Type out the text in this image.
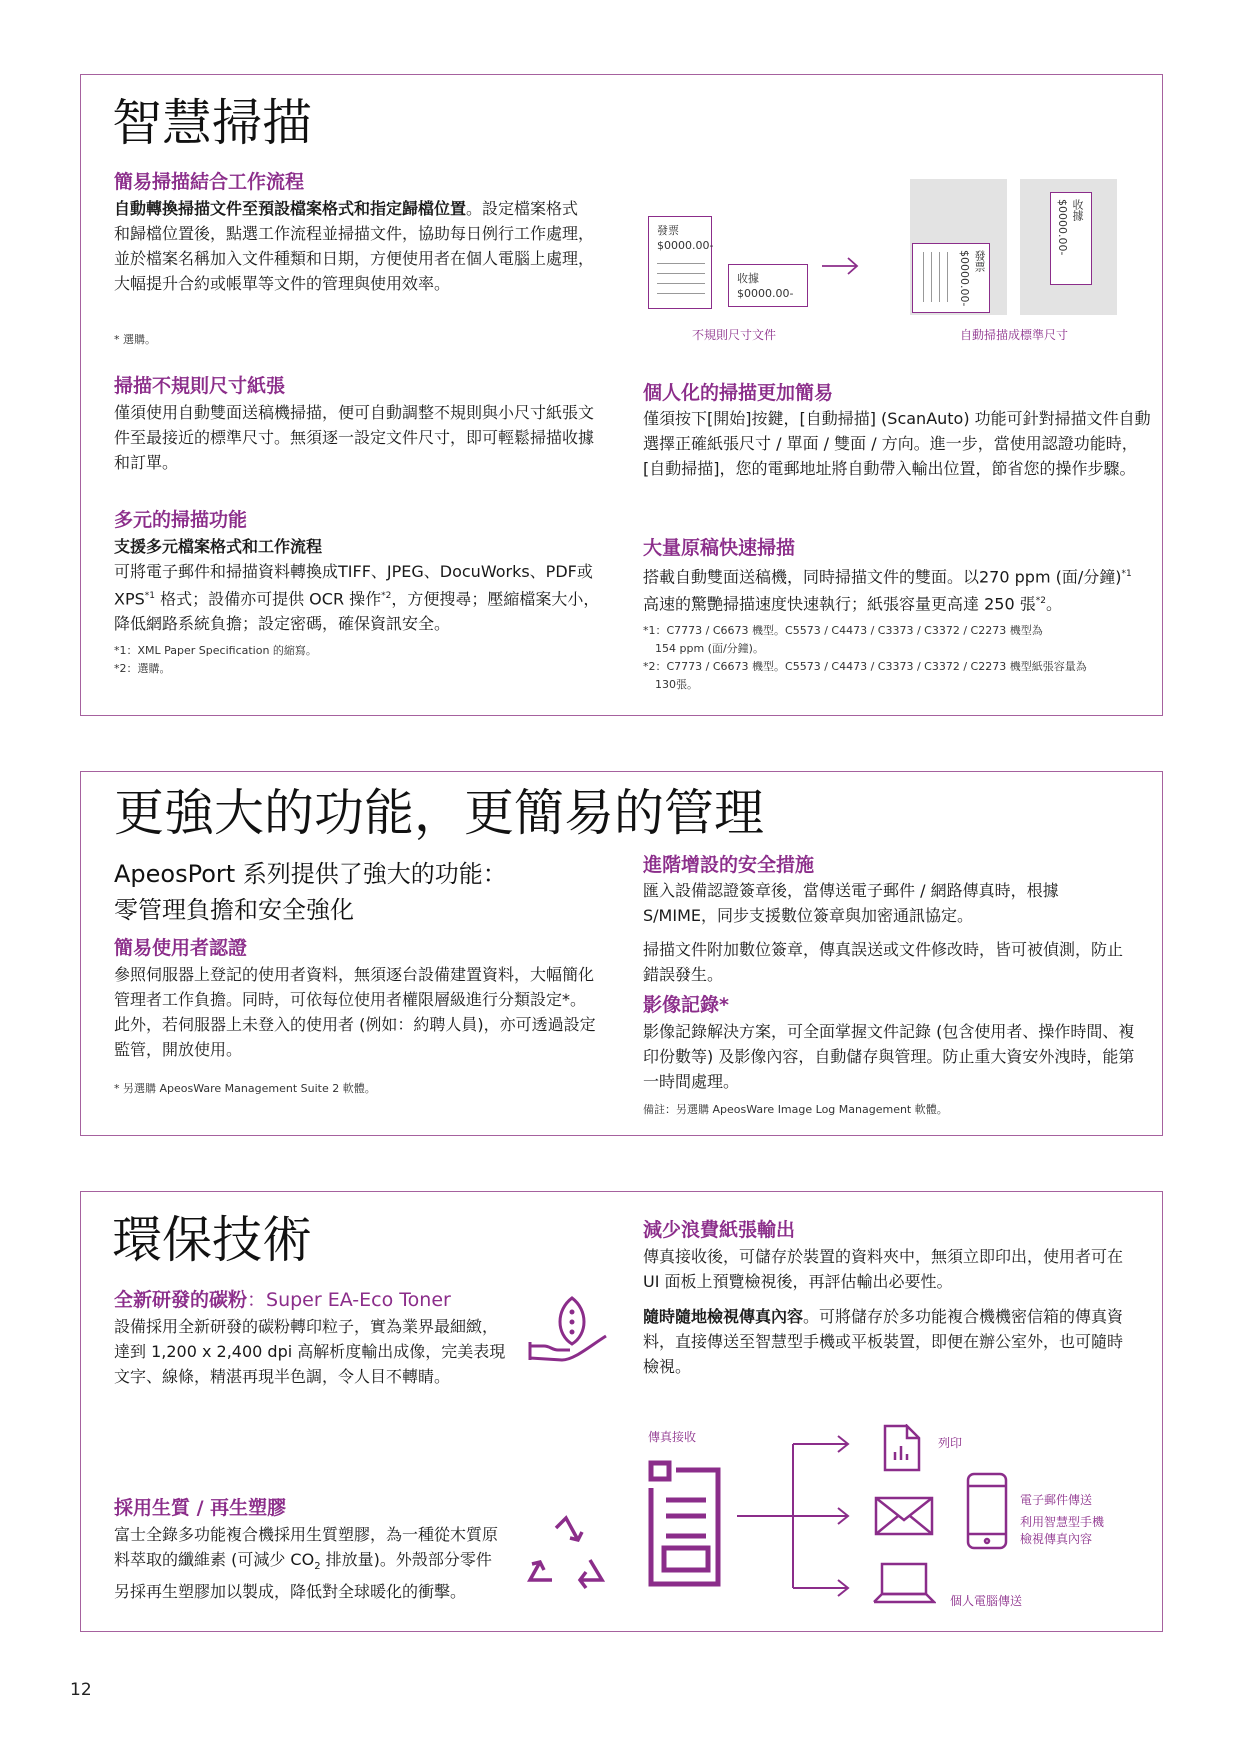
智慧掃描
簡易掃描結合工作流程

自動轉換掃描文件至預設檔案格式和指定歸檔位置。設定檔案格式和歸檔位置後，點選工作流程並掃描文件，協助每日例行工作處理，並於檔案名稱加入文件種類和日期，方便使用者在個人電腦上處理，大幅提升合約或帳單等文件的管理與使用效率。

* 選購。

發票
$0000.00-
收據
$0000.00-
發票
$0000.00-
收據
$0000.00-
不規則尺寸文件	自動掃描成標準尺寸
掃描不規則尺寸紙張

僅須使用自動雙面送稿機掃描，便可自動調整不規則與小尺寸紙張文件至最接近的標準尺寸。無須逐一設定文件尺寸，即可輕鬆掃描收據和訂單。

多元的掃描功能

支援多元檔案格式和工作流程

可將電子郵件和掃描資料轉換成TIFF、JPEG、DocuWorks、PDF或 XPS$^{*1}$ 格式；設備亦可提供 OCR 操作$^{*2}$，方便搜尋；壓縮檔案大小，降低網路系統負擔；設定密碼，確保資訊安全。

*1：XML Paper Specification 的縮寫。

*2：選購。

個人化的掃描更加簡易

僅須按下[開始]按鍵，[自動掃描] (ScanAuto) 功能可針對掃描文件自動選擇正確紙張尺寸 / 單面 / 雙面 / 方向。進一步，當使用認證功能時，[自動掃描]，您的電郵地址將自動帶入輸出位置，節省您的操作步驟。

大量原稿快速掃描

搭載自動雙面送稿機，同時掃描文件的雙面。以270 ppm (面/分鐘)$^{*1}$ 高速的驚艷掃描速度快速執行；紙張容量更高達 250 張$^{*2}$。

*1：C7773 / C6673 機型。C5573 / C4473 / C3373 / C3372 / C2273 機型為

154 ppm (面/分鐘)。

*2：C7773 / C6673 機型。C5573 / C4473 / C3373 / C3372 / C2273 機型紙張容量為

130張。

更強大的功能，更簡易的管理

ApeosPort 系列提供了強大的功能：

零管理負擔和安全強化

簡易使用者認證

參照伺服器上登記的使用者資料，無須逐台設備建置資料，大幅簡化管理者工作負擔。同時，可依每位使用者權限層級進行分類設定*。此外，若伺服器上未登入的使用者 (例如：約聘人員)，亦可透過設定監管，開放使用。

* 另選購 ApeosWare Management Suite 2 軟體。

進階增設的安全措施

匯入設備認證簽章後，當傳送電子郵件 / 網路傳真時，根據S/MIME，同步支援數位簽章與加密通訊協定。

掃描文件附加數位簽章，傳真誤送或文件修改時，皆可被偵測，防止錯誤發生。

影像記錄*

影像記錄解決方案，可全面掌握文件記錄 (包含使用者、操作時間、複印份數等) 及影像內容，自動儲存與管理。防止重大資安外洩時，能第一時間處理。

備註：另選購 ApeosWare Image Log Management 軟體。

環保技術
全新研發的碳粉：Super EA-Eco Toner

設備採用全新研發的碳粉轉印粒子，實為業界最細緻，達到 1,200 x 2,400 dpi 高解析度輸出成像，完美表現文字、線條，精湛再現半色調，令人目不轉睛。

採用生質 / 再生塑膠

富士全錄多功能複合機採用生質塑膠，為一種從木質原料萃取的纖維素 (可減少 $CO_2$ 排放量)。外殼部分零件另採再生塑膠加以製成，降低對全球暖化的衝擊。

減少浪費紙張輸出

傳真接收後，可儲存於裝置的資料夾中，無須立即印出，使用者可在 UI 面板上預覽檢視後，再評估輸出必要性。

隨時隨地檢視傳真內容。可將儲存於多功能複合機機密信箱的傳真資料，直接傳送至智慧型手機或平板裝置，即便在辦公室外，也可隨時檢視。

傳真接收	列印
電子郵件傳送
利用智慧型手機
檢視傳真內容
個人電腦傳送
12
